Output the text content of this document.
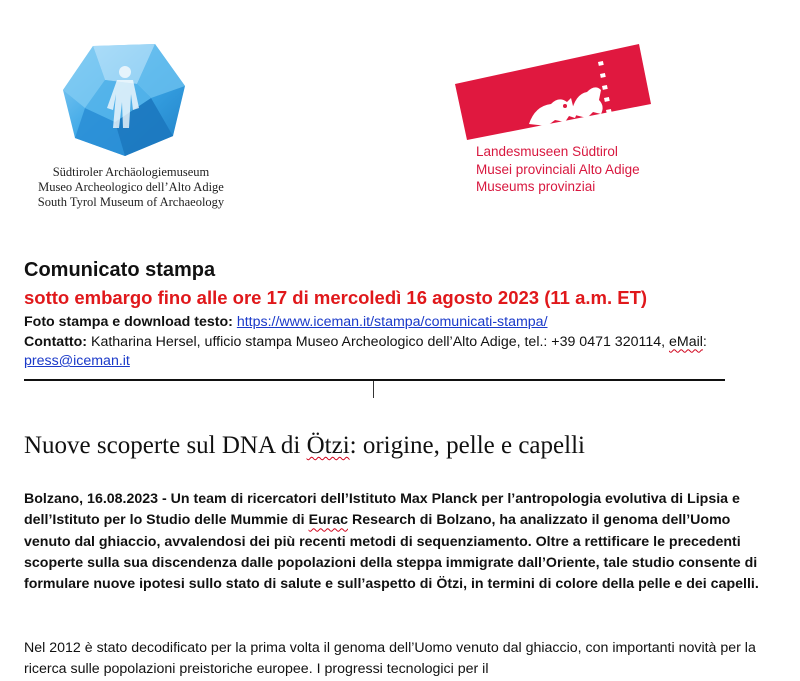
Südtiroler Archäologiemuseum
Museo Archeologico dell’Alto Adige
South Tyrol Museum of Archaeology
Landesmuseen Südtirol
Musei provinciali Alto Adige
Museums provinziai
Comunicato stampa
sotto embargo fino alle ore 17 di mercoledì 16 agosto 2023 (11 a.m. ET)
Foto stampa e download testo: https://www.iceman.it/stampa/comunicati-stampa/
Contatto: Katharina Hersel, ufficio stampa Museo Archeologico dell’Alto Adige, tel.: +39 0471 320114, eMail: press@iceman.it
Nuove scoperte sul DNA di Ötzi: origine, pelle e capelli
Bolzano, 16.08.2023 - Un team di ricercatori dell’Istituto Max Planck per l’antropologia evolutiva di Lipsia e dell’Istituto per lo Studio delle Mummie di Eurac Research di Bolzano, ha analizzato il genoma dell’Uomo venuto dal ghiaccio, avvalendosi dei più recenti metodi di sequenziamento. Oltre a rettificare le precedenti scoperte sulla sua discendenza dalle popolazioni della steppa immigrate dall’Oriente, tale studio consente di formulare nuove ipotesi sullo stato di salute e sull’aspetto di Ötzi, in termini di colore della pelle e dei capelli.
Nel 2012 è stato decodificato per la prima volta il genoma dell’Uomo venuto dal ghiaccio, con importanti novità per la ricerca sulle popolazioni preistoriche europee. I progressi tecnologici per il
